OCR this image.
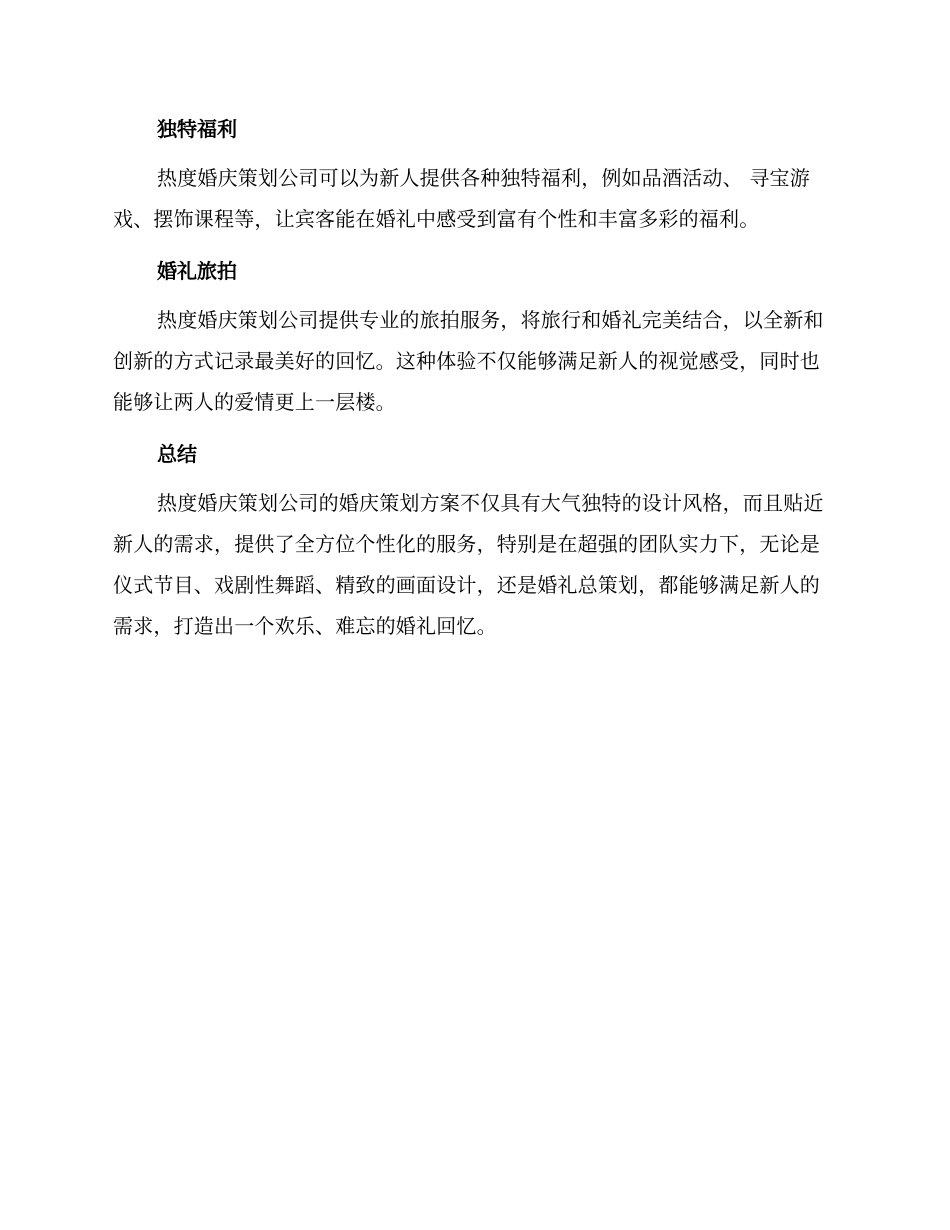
独特福利

热度婚庆策划公司可以为新人提供各种独特福利，例如品酒活动、 寻宝游戏、摆饰课程等，让宾客能在婚礼中感受到富有个性和丰富多彩的福利。

婚礼旅拍

热度婚庆策划公司提供专业的旅拍服务，将旅行和婚礼完美结合，以全新和创新的方式记录最美好的回忆。这种体验不仅能够满足新人的视觉感受，同时也能够让两人的爱情更上一层楼。

总结

热度婚庆策划公司的婚庆策划方案不仅具有大气独特的设计风格，而且贴近新人的需求，提供了全方位个性化的服务，特别是在超强的团队实力下，无论是仪式节目、戏剧性舞蹈、精致的画面设计，还是婚礼总策划，都能够满足新人的需求，打造出一个欢乐、难忘的婚礼回忆。
